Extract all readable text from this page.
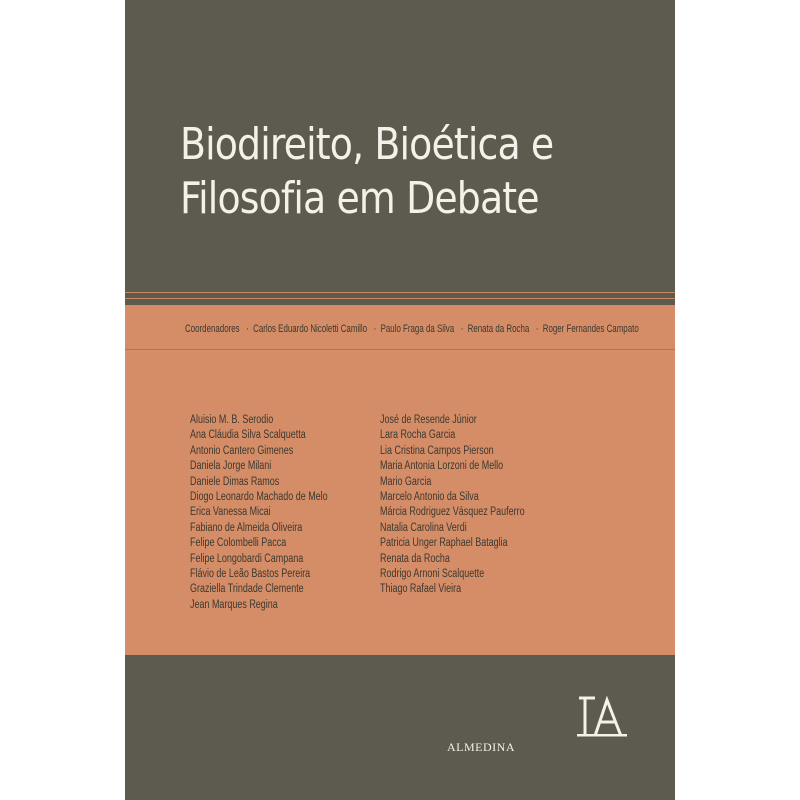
Biodireito, Bioética e
Filosofia em Debate
Coordenadores · Carlos Eduardo Nicoletti Camillo · Paulo Fraga da Silva · Renata da Rocha · Roger Fernandes Campato
Aluisio M. B. Serodio
Ana Cláudia Silva Scalquetta
Antonio Cantero Gimenes
Daniela Jorge Milani
Daniele Dimas Ramos
Diogo Leonardo Machado de Melo
Erica Vanessa Micai
Fabiano de Almeida Oliveira
Felipe Colombelli Pacca
Felipe Longobardi Campana
Flávio de Leão Bastos Pereira
Graziella Trindade Clemente
Jean Marques Regina
José de Resende Júnior
Lara Rocha Garcia
Lia Cristina Campos Pierson
Maria Antonia Lorzoni de Mello
Mario Garcia
Marcelo Antonio da Silva
Márcia Rodriguez Vásquez Pauferro
Natalia Carolina Verdi
Patricia Unger Raphael Bataglia
Renata da Rocha
Rodrigo Arnoni Scalquette
Thiago Rafael Vieira
ALMEDINA
